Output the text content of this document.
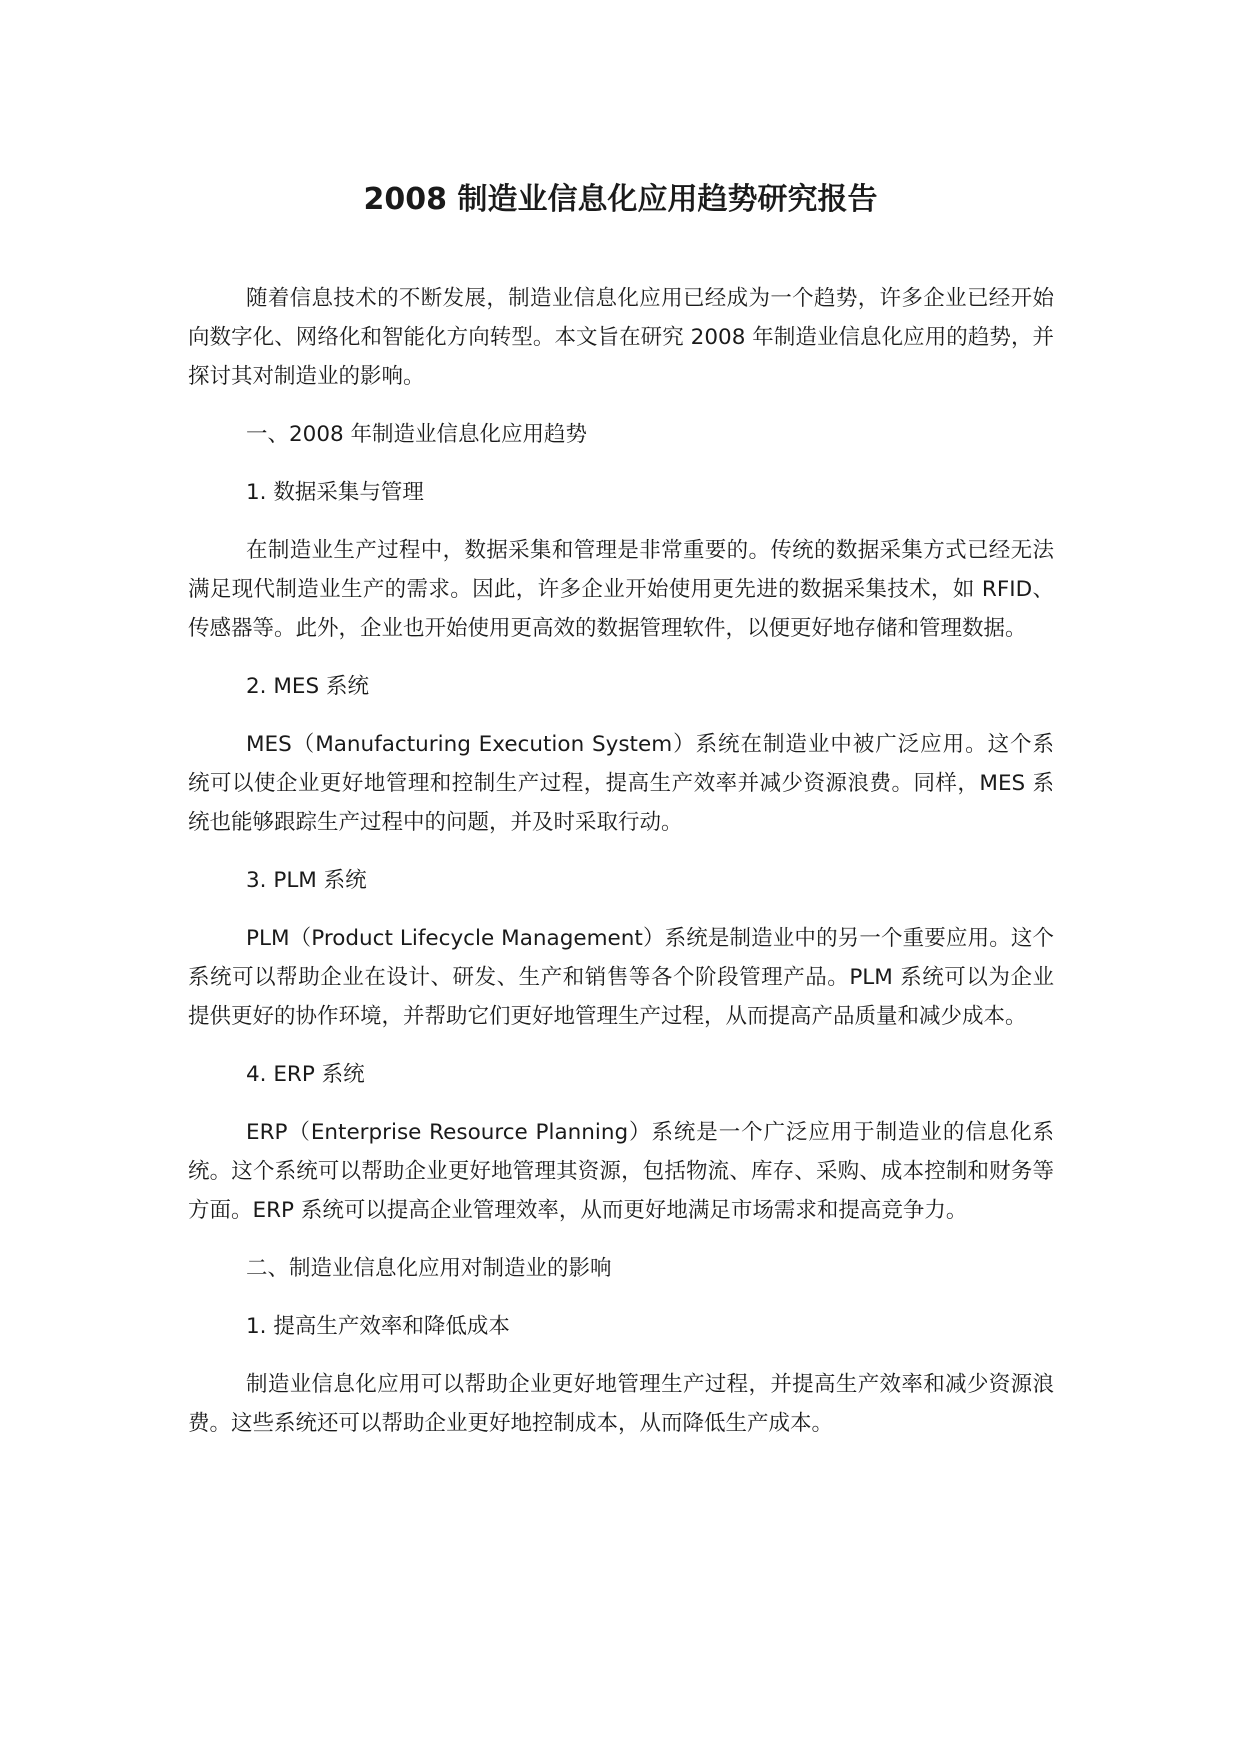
2008 制造业信息化应用趋势研究报告

随着信息技术的不断发展，制造业信息化应用已经成为一个趋势，许多企业已经开始向数字化、网络化和智能化方向转型。本文旨在研究 2008 年制造业信息化应用的趋势，并探讨其对制造业的影响。

一、2008 年制造业信息化应用趋势

1. 数据采集与管理

在制造业生产过程中，数据采集和管理是非常重要的。传统的数据采集方式已经无法满足现代制造业生产的需求。因此，许多企业开始使用更先进的数据采集技术，如 RFID、传感器等。此外，企业也开始使用更高效的数据管理软件，以便更好地存储和管理数据。

2. MES 系统

MES（Manufacturing Execution System）系统在制造业中被广泛应用。这个系统可以使企业更好地管理和控制生产过程，提高生产效率并减少资源浪费。同样，MES 系统也能够跟踪生产过程中的问题，并及时采取行动。

3. PLM 系统

PLM（Product Lifecycle Management）系统是制造业中的另一个重要应用。这个系统可以帮助企业在设计、研发、生产和销售等各个阶段管理产品。PLM 系统可以为企业提供更好的协作环境，并帮助它们更好地管理生产过程，从而提高产品质量和减少成本。

4. ERP 系统

ERP（Enterprise Resource Planning）系统是一个广泛应用于制造业的信息化系统。这个系统可以帮助企业更好地管理其资源，包括物流、库存、采购、成本控制和财务等方面。ERP 系统可以提高企业管理效率，从而更好地满足市场需求和提高竞争力。

二、制造业信息化应用对制造业的影响

1. 提高生产效率和降低成本

制造业信息化应用可以帮助企业更好地管理生产过程，并提高生产效率和减少资源浪费。这些系统还可以帮助企业更好地控制成本，从而降低生产成本。
